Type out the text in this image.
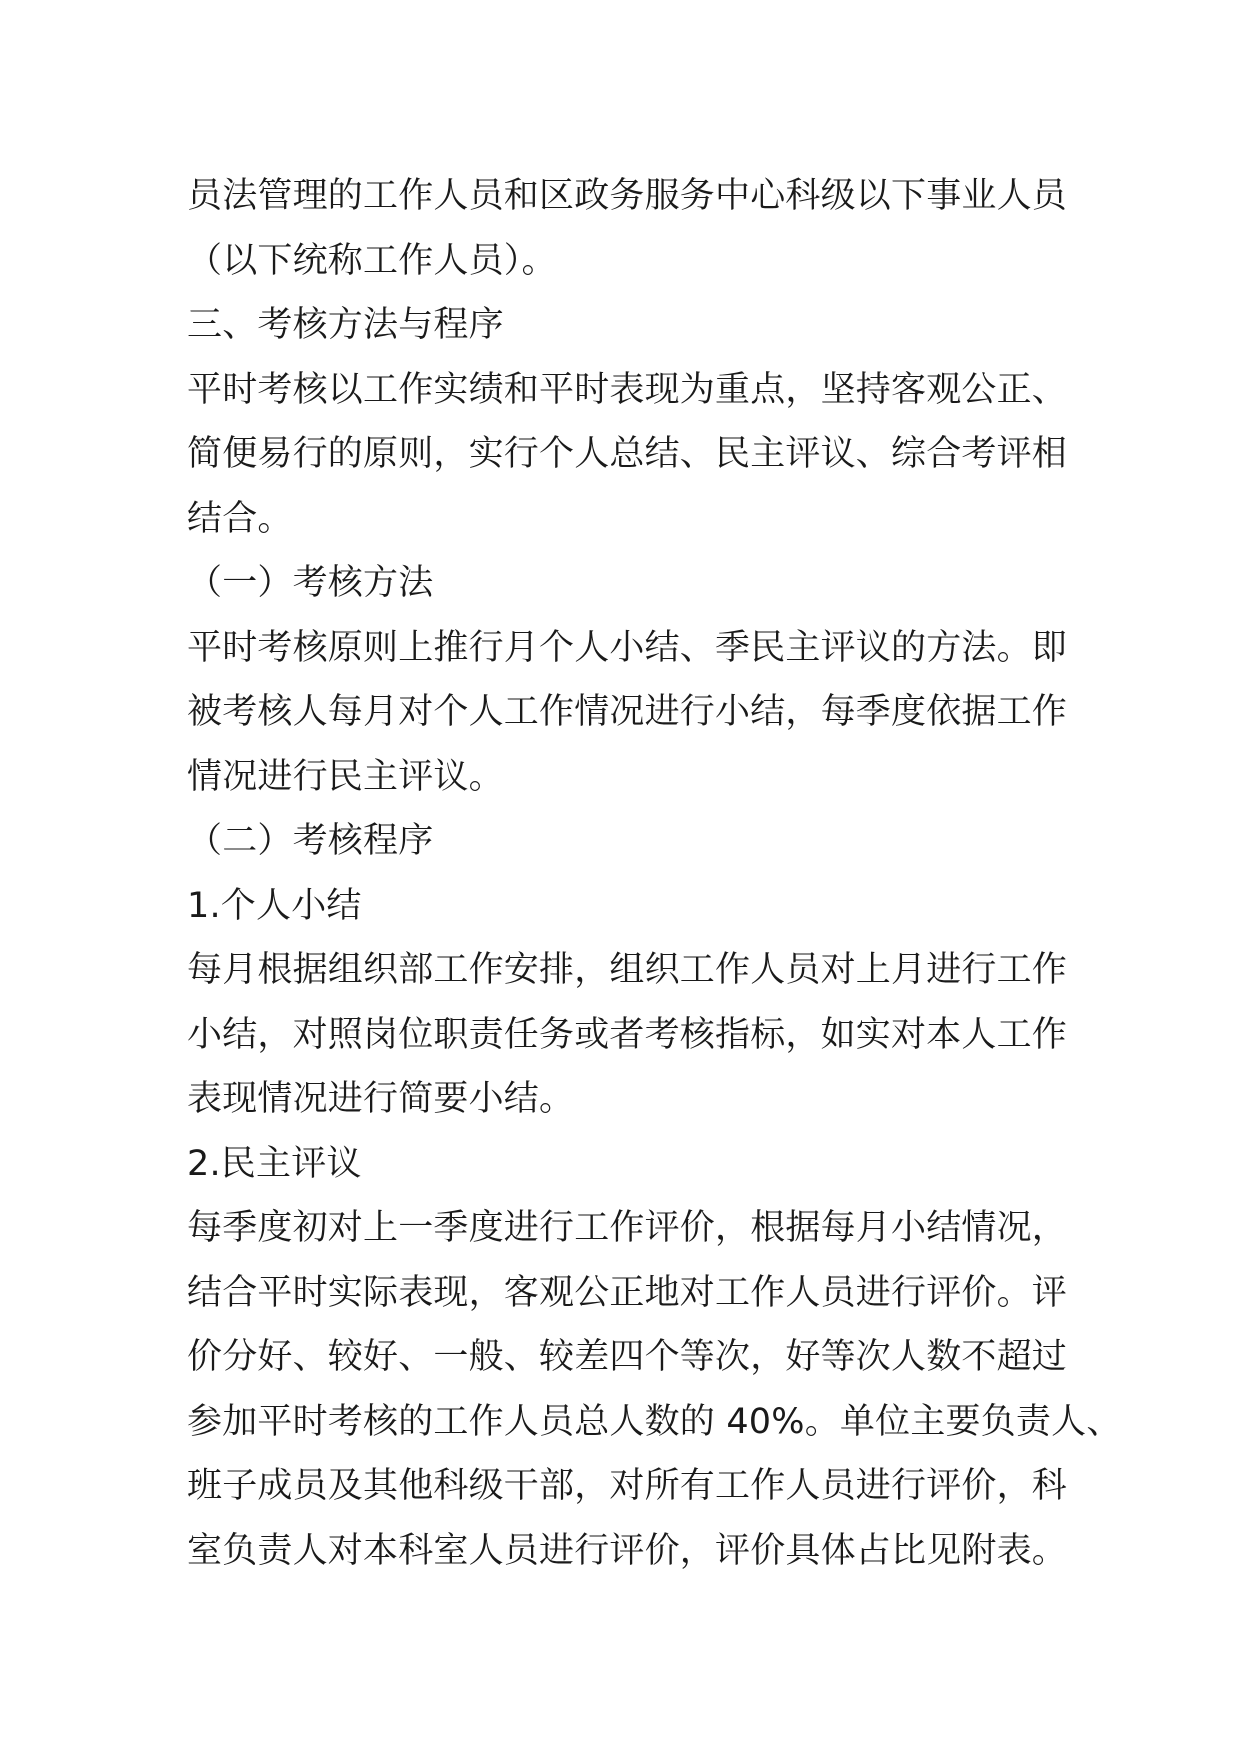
员法管理的工作人员和区政务服务中心科级以下事业人员
（以下统称工作人员）。
三、考核方法与程序
平时考核以工作实绩和平时表现为重点，坚持客观公正、
简便易行的原则，实行个人总结、民主评议、综合考评相
结合。
（一）考核方法
平时考核原则上推行月个人小结、季民主评议的方法。即
被考核人每月对个人工作情况进行小结，每季度依据工作
情况进行民主评议。
（二）考核程序
1.个人小结
每月根据组织部工作安排，组织工作人员对上月进行工作
小结，对照岗位职责任务或者考核指标，如实对本人工作
表现情况进行简要小结。
2.民主评议
每季度初对上一季度进行工作评价，根据每月小结情况，
结合平时实际表现，客观公正地对工作人员进行评价。评
价分好、较好、一般、较差四个等次，好等次人数不超过
参加平时考核的工作人员总人数的 40%。单位主要负责人、
班子成员及其他科级干部，对所有工作人员进行评价，科
室负责人对本科室人员进行评价，评价具体占比见附表。
